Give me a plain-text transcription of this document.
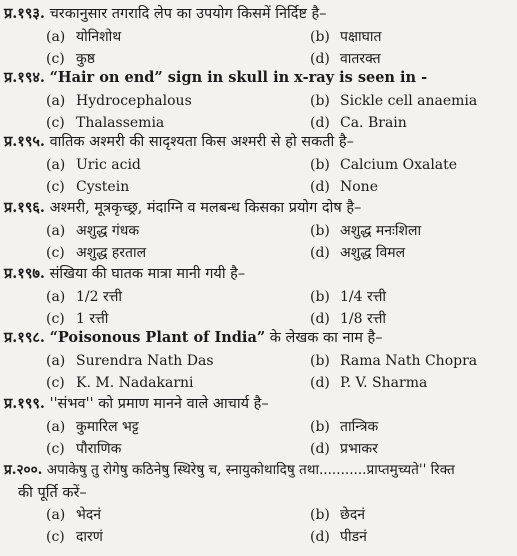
प्र.१९३. चरकानुसार तगरादि लेप का उपयोग किसमें निर्दिष्ट है–
(a) योनिशोथ	(b) पक्षाघात
(c) कुष्ठ	(d) वातरक्त
प्र.१९४. “Hair on end” sign in skull in x-ray is seen in -
(a) Hydrocephalous	(b) Sickle cell anaemia
(c) Thalassemia	(d) Ca. Brain
प्र.१९५. वातिक अश्मरी की सादृश्यता किस अश्मरी से हो सकती है–
(a) Uric acid	(b) Calcium Oxalate
(c) Cystein	(d) None
प्र.१९६. अश्मरी, मूत्रकृच्छ्र, मंदाग्नि व मलबन्ध किसका प्रयोग दोष है–
(a) अशुद्ध गंधक	(b) अशुद्ध मनःशिला
(c) अशुद्ध हरताल	(d) अशुद्ध विमल
प्र.१९७. संखिया की घातक मात्रा मानी गयी है–
(a) 1/2 रत्ती	(b) 1/4 रत्ती
(c) 1 रत्ती	(d) 1/8 रत्ती
प्र.१९८. “Poisonous Plant of India” के लेखक का नाम है–
(a) Surendra Nath Das	(b) Rama Nath Chopra
(c) K. M. Nadakarni	(d) P. V. Sharma
प्र.१९९. ''संभव'' को प्रमाण मानने वाले आचार्य है–
(a) कुमारिल भट्ट	(b) तान्त्रिक
(c) पौराणिक	(d) प्रभाकर
प्र.२००. अपाकेषु तु रोगेषु कठिनेषु स्थिरेषु च, स्नायुकोथादिषु तथा...........प्राप्तमुच्यते'' रिक्त
की पूर्ति करें–
(a) भेदनं	(b) छेदनं
(c) दारणं	(d) पीडनं
